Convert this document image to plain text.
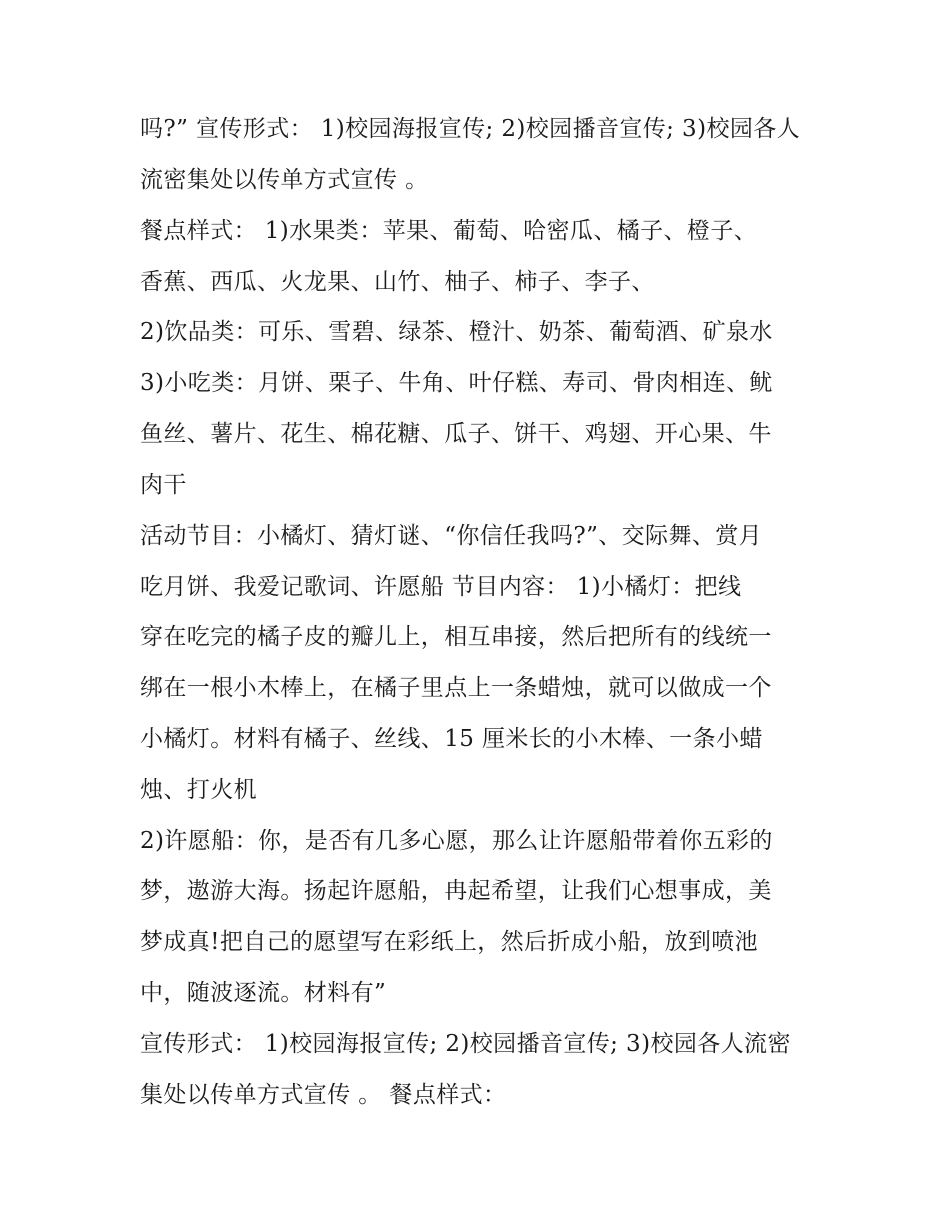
吗?” 宣传形式： 1)校园海报宣传; 2)校园播音宣传; 3)校园各人
流密集处以传单方式宣传 。
餐点样式： 1)水果类：苹果、葡萄、哈密瓜、橘子、橙子、
香蕉、西瓜、火龙果、山竹、柚子、柿子、李子、
2)饮品类：可乐、雪碧、绿茶、橙汁、奶茶、葡萄酒、矿泉水
3)小吃类：月饼、栗子、牛角、叶仔糕、寿司、骨肉相连、鱿
鱼丝、薯片、花生、棉花糖、瓜子、饼干、鸡翅、开心果、牛
肉干
活动节目：小橘灯、猜灯谜、“你信任我吗?”、交际舞、赏月
吃月饼、我爱记歌词、许愿船 节目内容： 1)小橘灯：把线
穿在吃完的橘子皮的瓣儿上，相互串接，然后把所有的线统一
绑在一根小木棒上，在橘子里点上一条蜡烛，就可以做成一个
小橘灯。材料有橘子、丝线、15 厘米长的小木棒、一条小蜡
烛、打火机
2)许愿船：你，是否有几多心愿，那么让许愿船带着你五彩的
梦，遨游大海。扬起许愿船，冉起希望，让我们心想事成，美
梦成真!把自己的愿望写在彩纸上，然后折成小船，放到喷池
中，随波逐流。材料有”
宣传形式： 1)校园海报宣传; 2)校园播音宣传; 3)校园各人流密
集处以传单方式宣传 。 餐点样式：
